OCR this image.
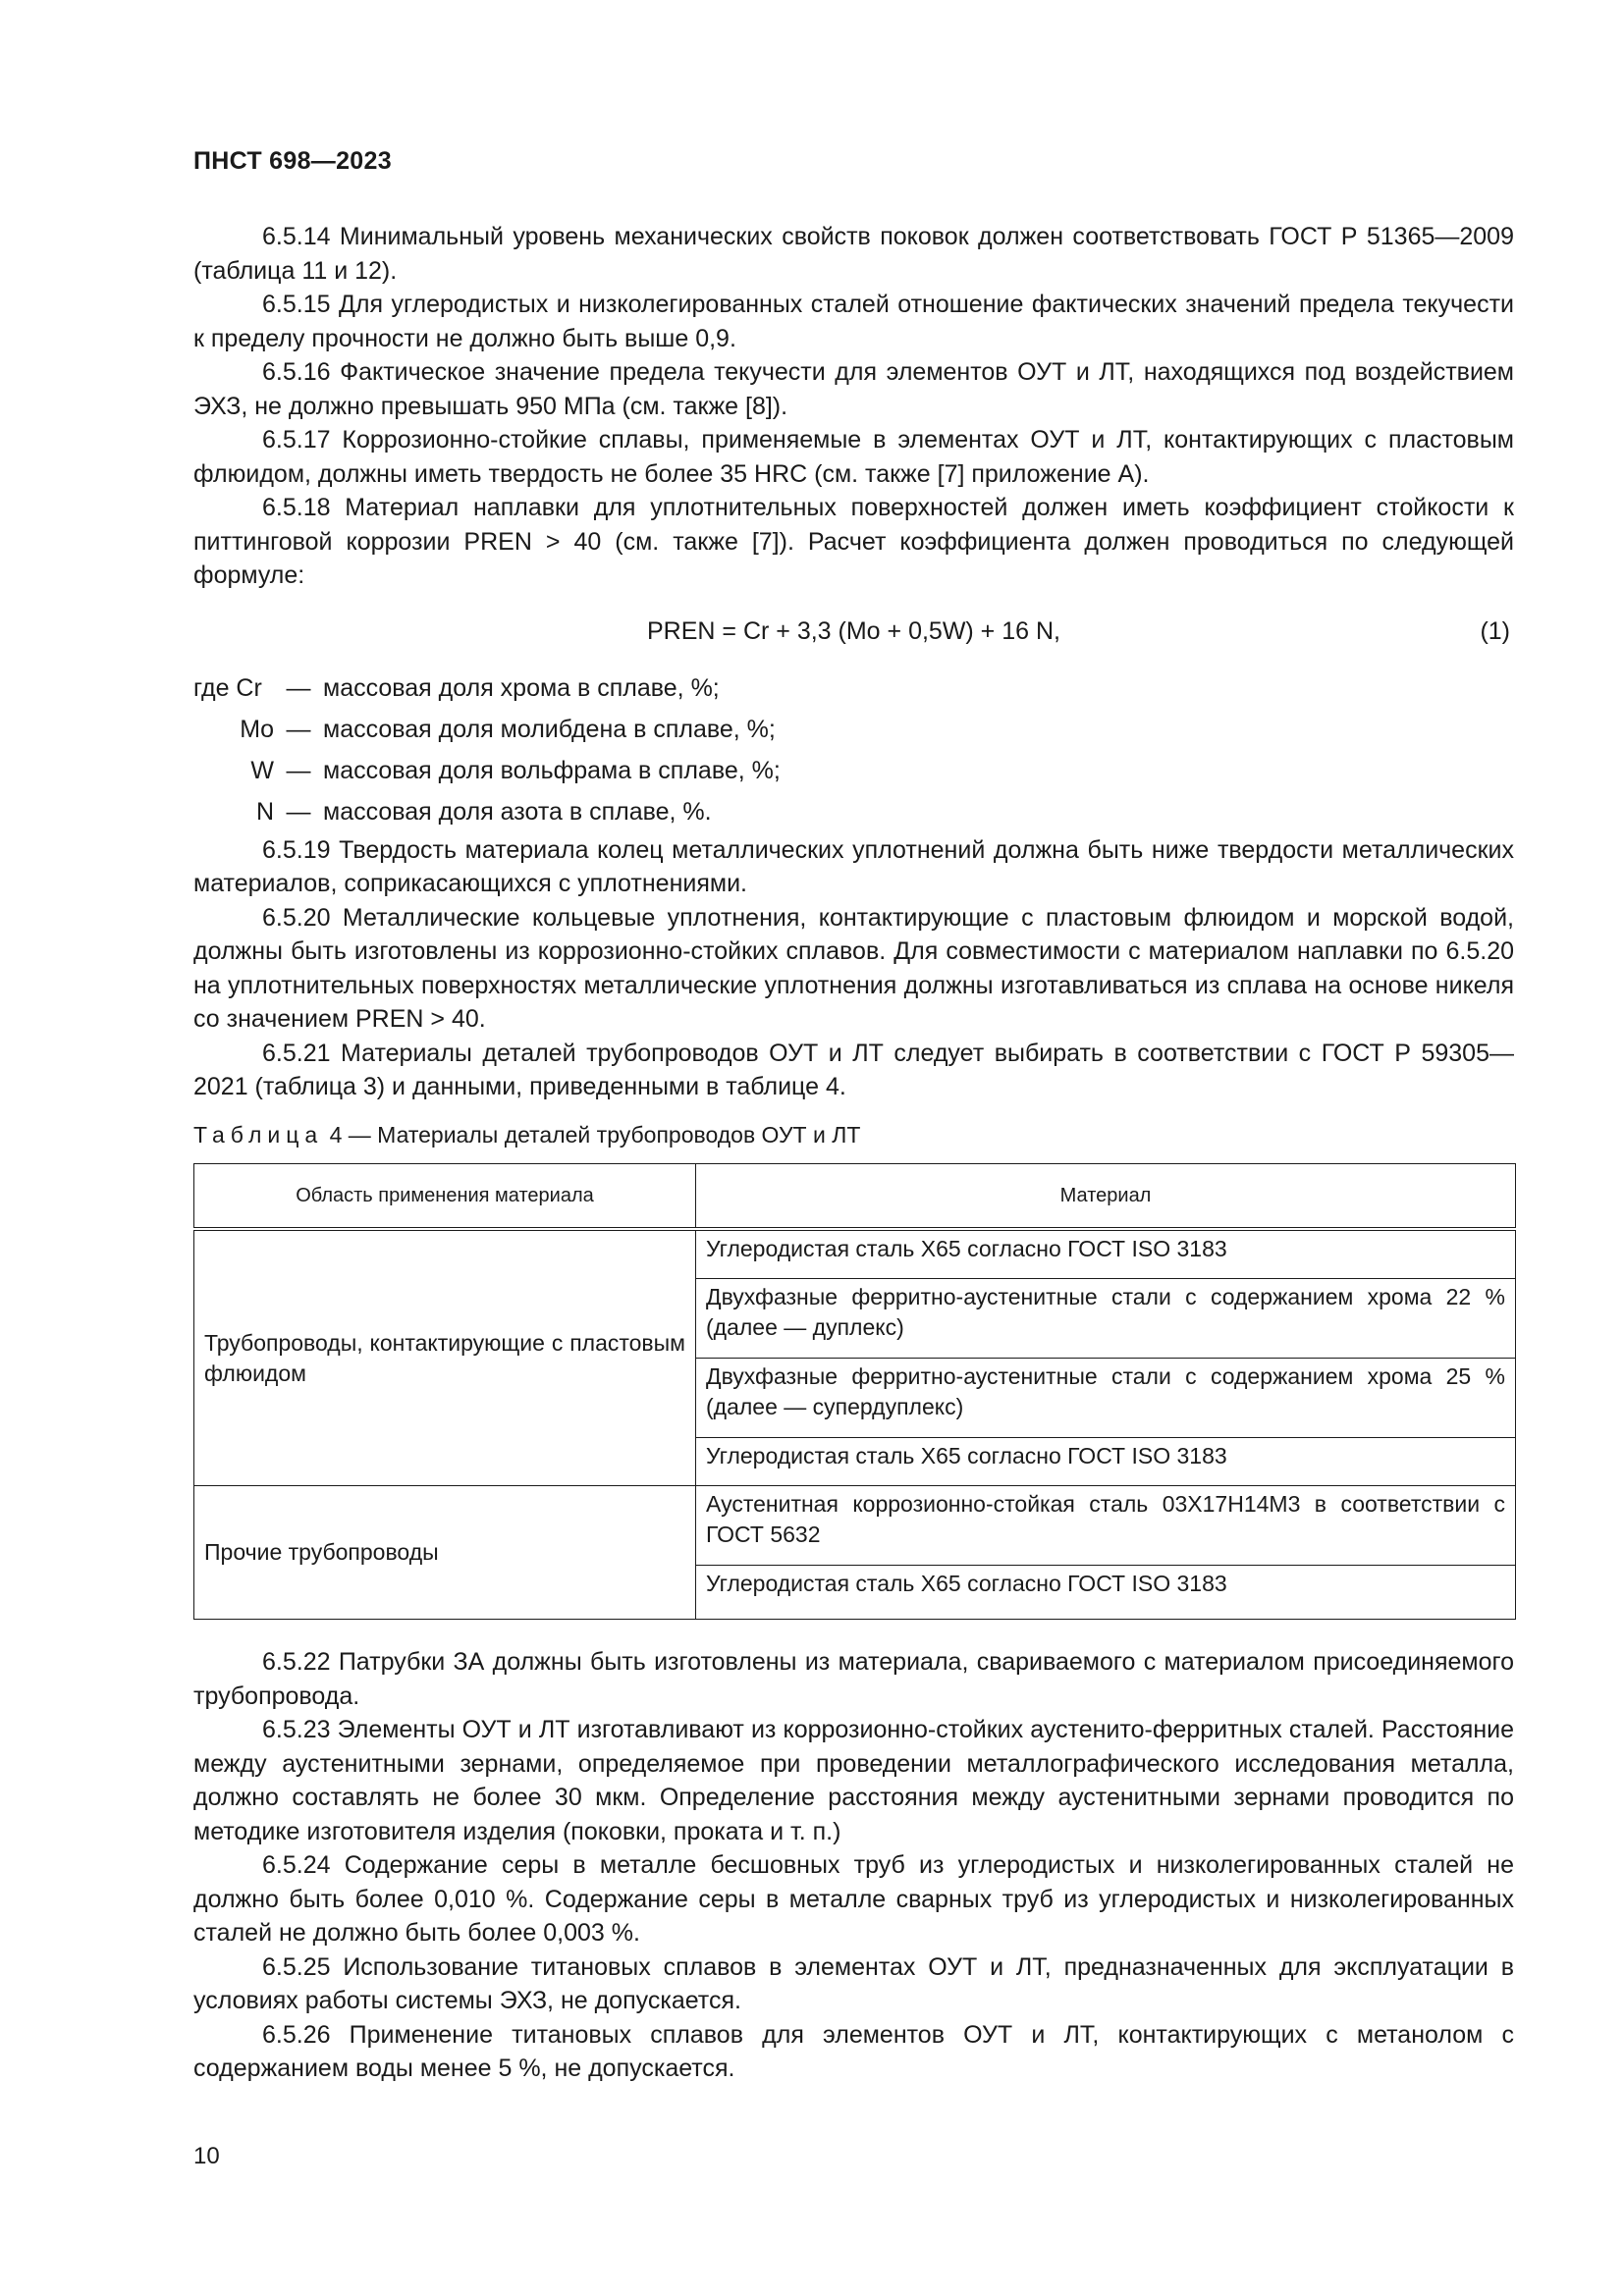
ПНСТ 698—2023

6.5.14 Минимальный уровень механических свойств поковок должен соответствовать ГОСТ Р 51365—2009 (таблица 11 и 12).

6.5.15 Для углеродистых и низколегированных сталей отношение фактических значений предела текучести к пределу прочности не должно быть выше 0,9.

6.5.16 Фактическое значение предела текучести для элементов ОУТ и ЛТ, находящихся под воздействием ЭХЗ, не должно превышать 950 МПа (см. также [8]).

6.5.17 Коррозионно-стойкие сплавы, применяемые в элементах ОУТ и ЛТ, контактирующих с пластовым флюидом, должны иметь твердость не более 35 HRC (см. также [7] приложение А).

6.5.18 Материал наплавки для уплотнительных поверхностей должен иметь коэффициент стойкости к питтинговой коррозии PREN > 40 (см. также [7]). Расчет коэффициента должен проводиться по следующей формуле:

PREN = Cr + 3,3 (Mo + 0,5W) + 16 N,	(1)
где Cr — массовая доля хрома в сплаве, %;
Mo — массовая доля молибдена в сплаве, %;
W — массовая доля вольфрама в сплаве, %;
N — массовая доля азота в сплаве, %.

6.5.19 Твердость материала колец металлических уплотнений должна быть ниже твердости металлических материалов, соприкасающихся с уплотнениями.

6.5.20 Металлические кольцевые уплотнения, контактирующие с пластовым флюидом и морской водой, должны быть изготовлены из коррозионно-стойких сплавов. Для совместимости с материалом наплавки по 6.5.20 на уплотнительных поверхностях металлические уплотнения должны изготавливаться из сплава на основе никеля со значением PREN > 40.

6.5.21 Материалы деталей трубопроводов ОУТ и ЛТ следует выбирать в соответствии с ГОСТ Р 59305—2021 (таблица 3) и данными, приведенными в таблице 4.

Таблица 4 — Материалы деталей трубопроводов ОУТ и ЛТ
Область применения материала	Материал
Трубопроводы, контактирующие с пластовым флюидом	Углеродистая сталь Х65 согласно ГОСТ ISO 3183
	Двухфазные ферритно-аустенитные стали с содержанием хрома 22 % (далее — дуплекс)
	Двухфазные ферритно-аустенитные стали с содержанием хрома 25 % (далее — супердуплекс)
	Углеродистая сталь Х65 согласно ГОСТ ISO 3183
Прочие трубопроводы	Аустенитная коррозионно-стойкая сталь 03Х17Н14М3 в соответствии с ГОСТ 5632
	Углеродистая сталь Х65 согласно ГОСТ ISO 3183

6.5.22 Патрубки ЗА должны быть изготовлены из материала, свариваемого с материалом присоединяемого трубопровода.

6.5.23 Элементы ОУТ и ЛТ изготавливают из коррозионно-стойких аустенито-ферритных сталей. Расстояние между аустенитными зернами, определяемое при проведении металлографического исследования металла, должно составлять не более 30 мкм. Определение расстояния между аустенитными зернами проводится по методике изготовителя изделия (поковки, проката и т. п.)

6.5.24 Содержание серы в металле бесшовных труб из углеродистых и низколегированных сталей не должно быть более 0,010 %. Содержание серы в металле сварных труб из углеродистых и низколегированных сталей не должно быть более 0,003 %.

6.5.25 Использование титановых сплавов в элементах ОУТ и ЛТ, предназначенных для эксплуатации в условиях работы системы ЭХЗ, не допускается.

6.5.26 Применение титановых сплавов для элементов ОУТ и ЛТ, контактирующих с метанолом с содержанием воды менее 5 %, не допускается.

10
